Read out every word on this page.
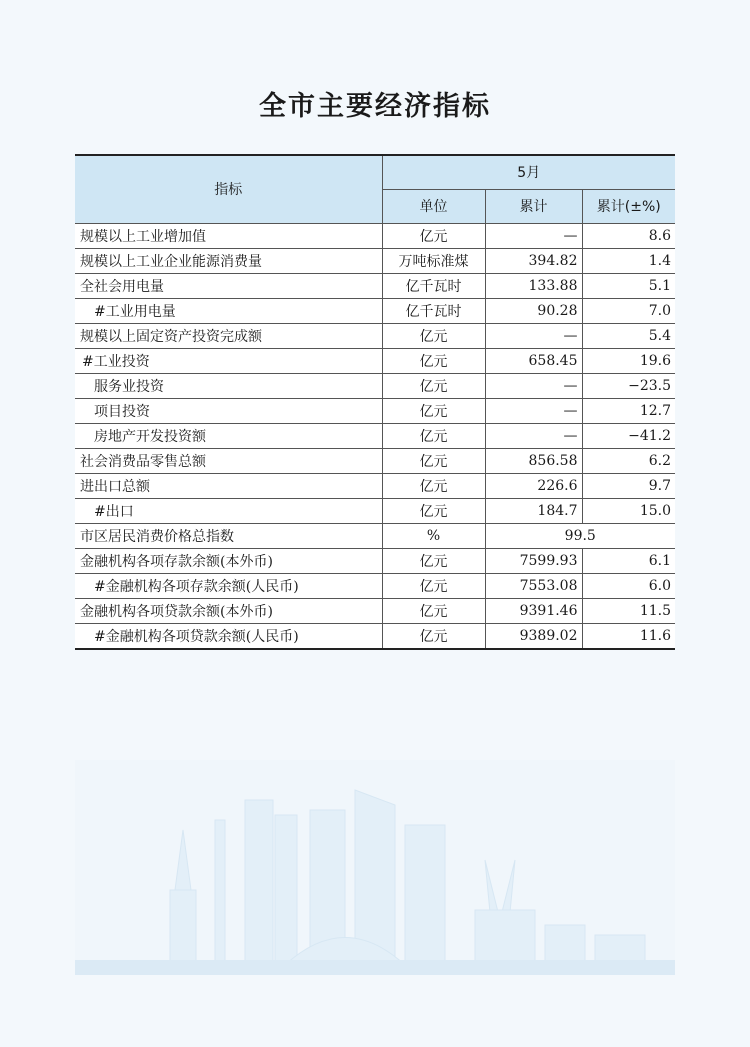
全市主要经济指标
指标	5月		
	单位	累计	累计(±%)
规模以上工业增加值	亿元	—	8.6
规模以上工业企业能源消费量	万吨标准煤	394.82	1.4
全社会用电量	亿千瓦时	133.88	5.1
#工业用电量	亿千瓦时	90.28	7.0
规模以上固定资产投资完成额	亿元	—	5.4
#工业投资	亿元	658.45	19.6
服务业投资	亿元	—	−23.5
项目投资	亿元	—	12.7
房地产开发投资额	亿元	—	−41.2
社会消费品零售总额	亿元	856.58	6.2
进出口总额	亿元	226.6	9.7
#出口	亿元	184.7	15.0
市区居民消费价格总指数	%	99.5	
金融机构各项存款余额(本外币)	亿元	7599.93	6.1
#金融机构各项存款余额(人民币)	亿元	7553.08	6.0
金融机构各项贷款余额(本外币)	亿元	9391.46	11.5
#金融机构各项贷款余额(人民币)	亿元	9389.02	11.6
